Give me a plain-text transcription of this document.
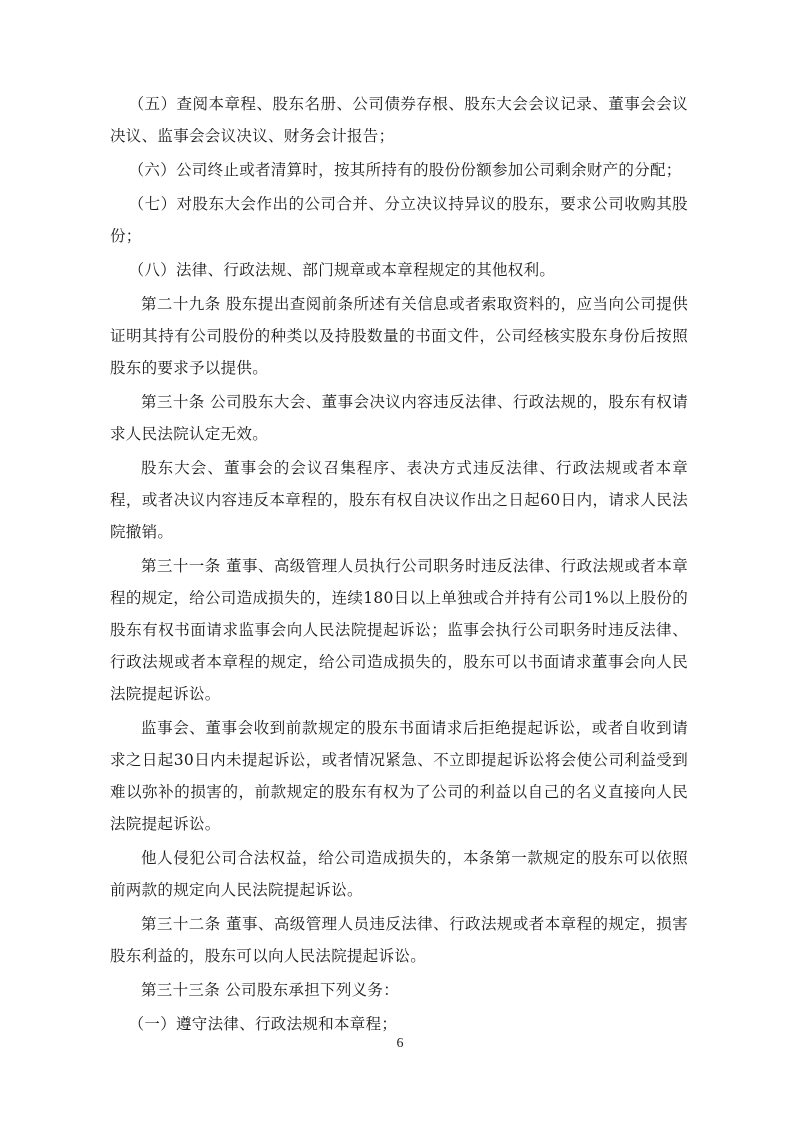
（五）查阅本章程、股东名册、公司债券存根、股东大会会议记录、董事会会议决议、监事会会议决议、财务会计报告；

（六）公司终止或者清算时，按其所持有的股份份额参加公司剩余财产的分配；

（七）对股东大会作出的公司合并、分立决议持异议的股东，要求公司收购其股份；

（八）法律、行政法规、部门规章或本章程规定的其他权利。

第二十九条 股东提出查阅前条所述有关信息或者索取资料的，应当向公司提供证明其持有公司股份的种类以及持股数量的书面文件，公司经核实股东身份后按照股东的要求予以提供。

第三十条 公司股东大会、董事会决议内容违反法律、行政法规的，股东有权请求人民法院认定无效。

股东大会、董事会的会议召集程序、表决方式违反法律、行政法规或者本章程，或者决议内容违反本章程的，股东有权自决议作出之日起60日内，请求人民法院撤销。

第三十一条 董事、高级管理人员执行公司职务时违反法律、行政法规或者本章程的规定，给公司造成损失的，连续180日以上单独或合并持有公司1%以上股份的股东有权书面请求监事会向人民法院提起诉讼；监事会执行公司职务时违反法律、行政法规或者本章程的规定，给公司造成损失的，股东可以书面请求董事会向人民法院提起诉讼。

监事会、董事会收到前款规定的股东书面请求后拒绝提起诉讼，或者自收到请求之日起30日内未提起诉讼，或者情况紧急、不立即提起诉讼将会使公司利益受到难以弥补的损害的，前款规定的股东有权为了公司的利益以自己的名义直接向人民法院提起诉讼。

他人侵犯公司合法权益，给公司造成损失的，本条第一款规定的股东可以依照前两款的规定向人民法院提起诉讼。

第三十二条 董事、高级管理人员违反法律、行政法规或者本章程的规定，损害股东利益的，股东可以向人民法院提起诉讼。

第三十三条 公司股东承担下列义务：

（一）遵守法律、行政法规和本章程；

6
